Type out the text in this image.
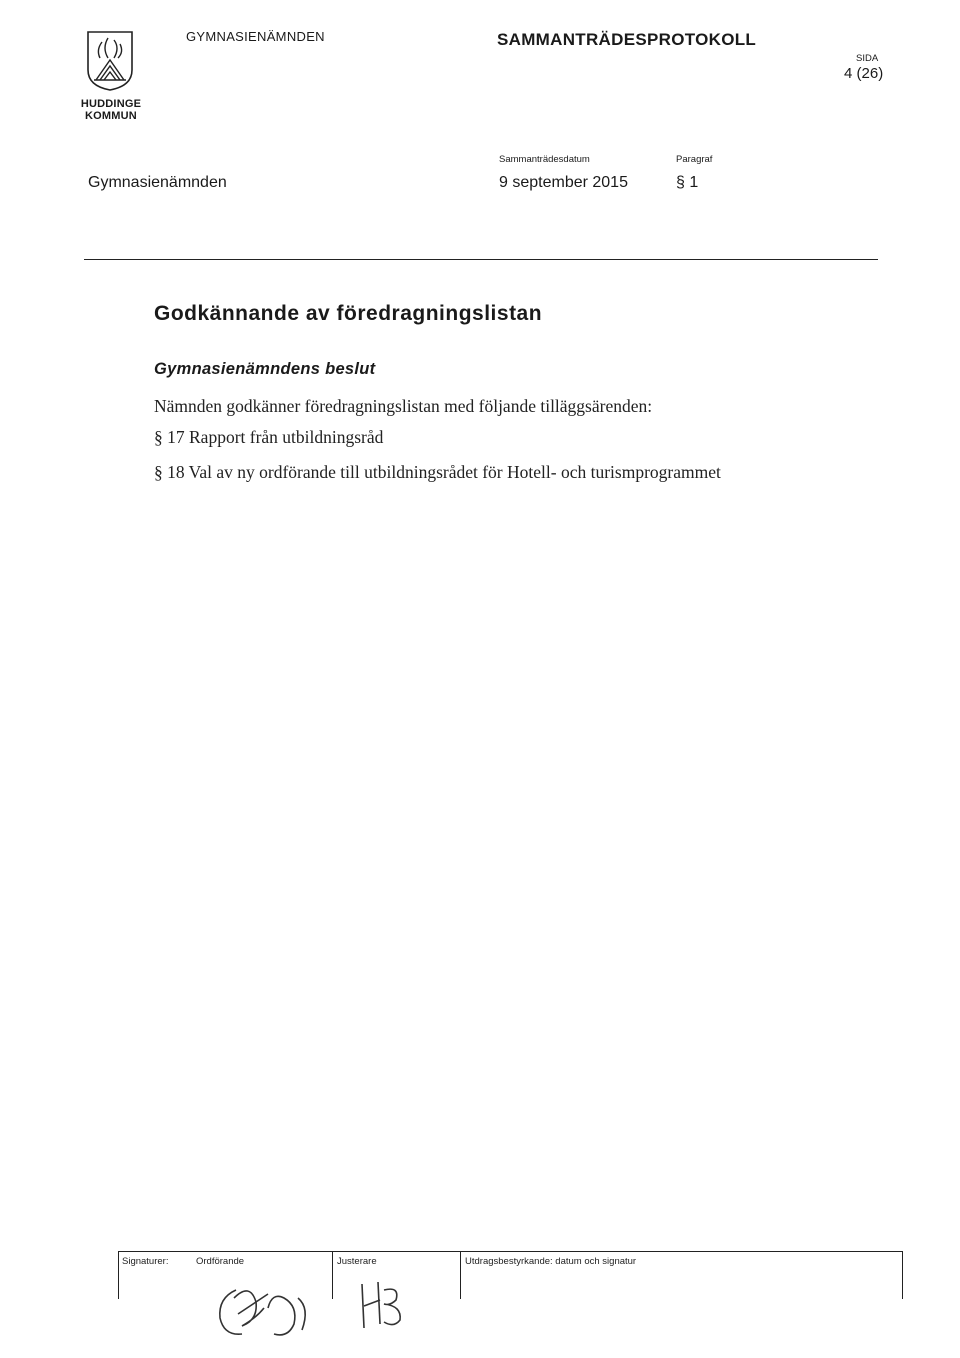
HUDDINGE
KOMMUN
GYMNASIENÄMNDEN	SAMMANTRÄDESPROTOKOLL
SIDA
4 (26)
Gymnasienämnden
Sammanträdesdatum
9 september 2015
Paragraf
§ 1
Godkännande av föredragningslistan
Gymnasienämndens beslut
Nämnden godkänner föredragningslistan med följande tilläggsärenden:
§ 17 Rapport från utbildningsråd
§ 18 Val av ny ordförande till utbildningsrådet för Hotell- och turismprogrammet
Signaturer:	Ordförande	Justerare	Utdragsbestyrkande: datum och signatur
